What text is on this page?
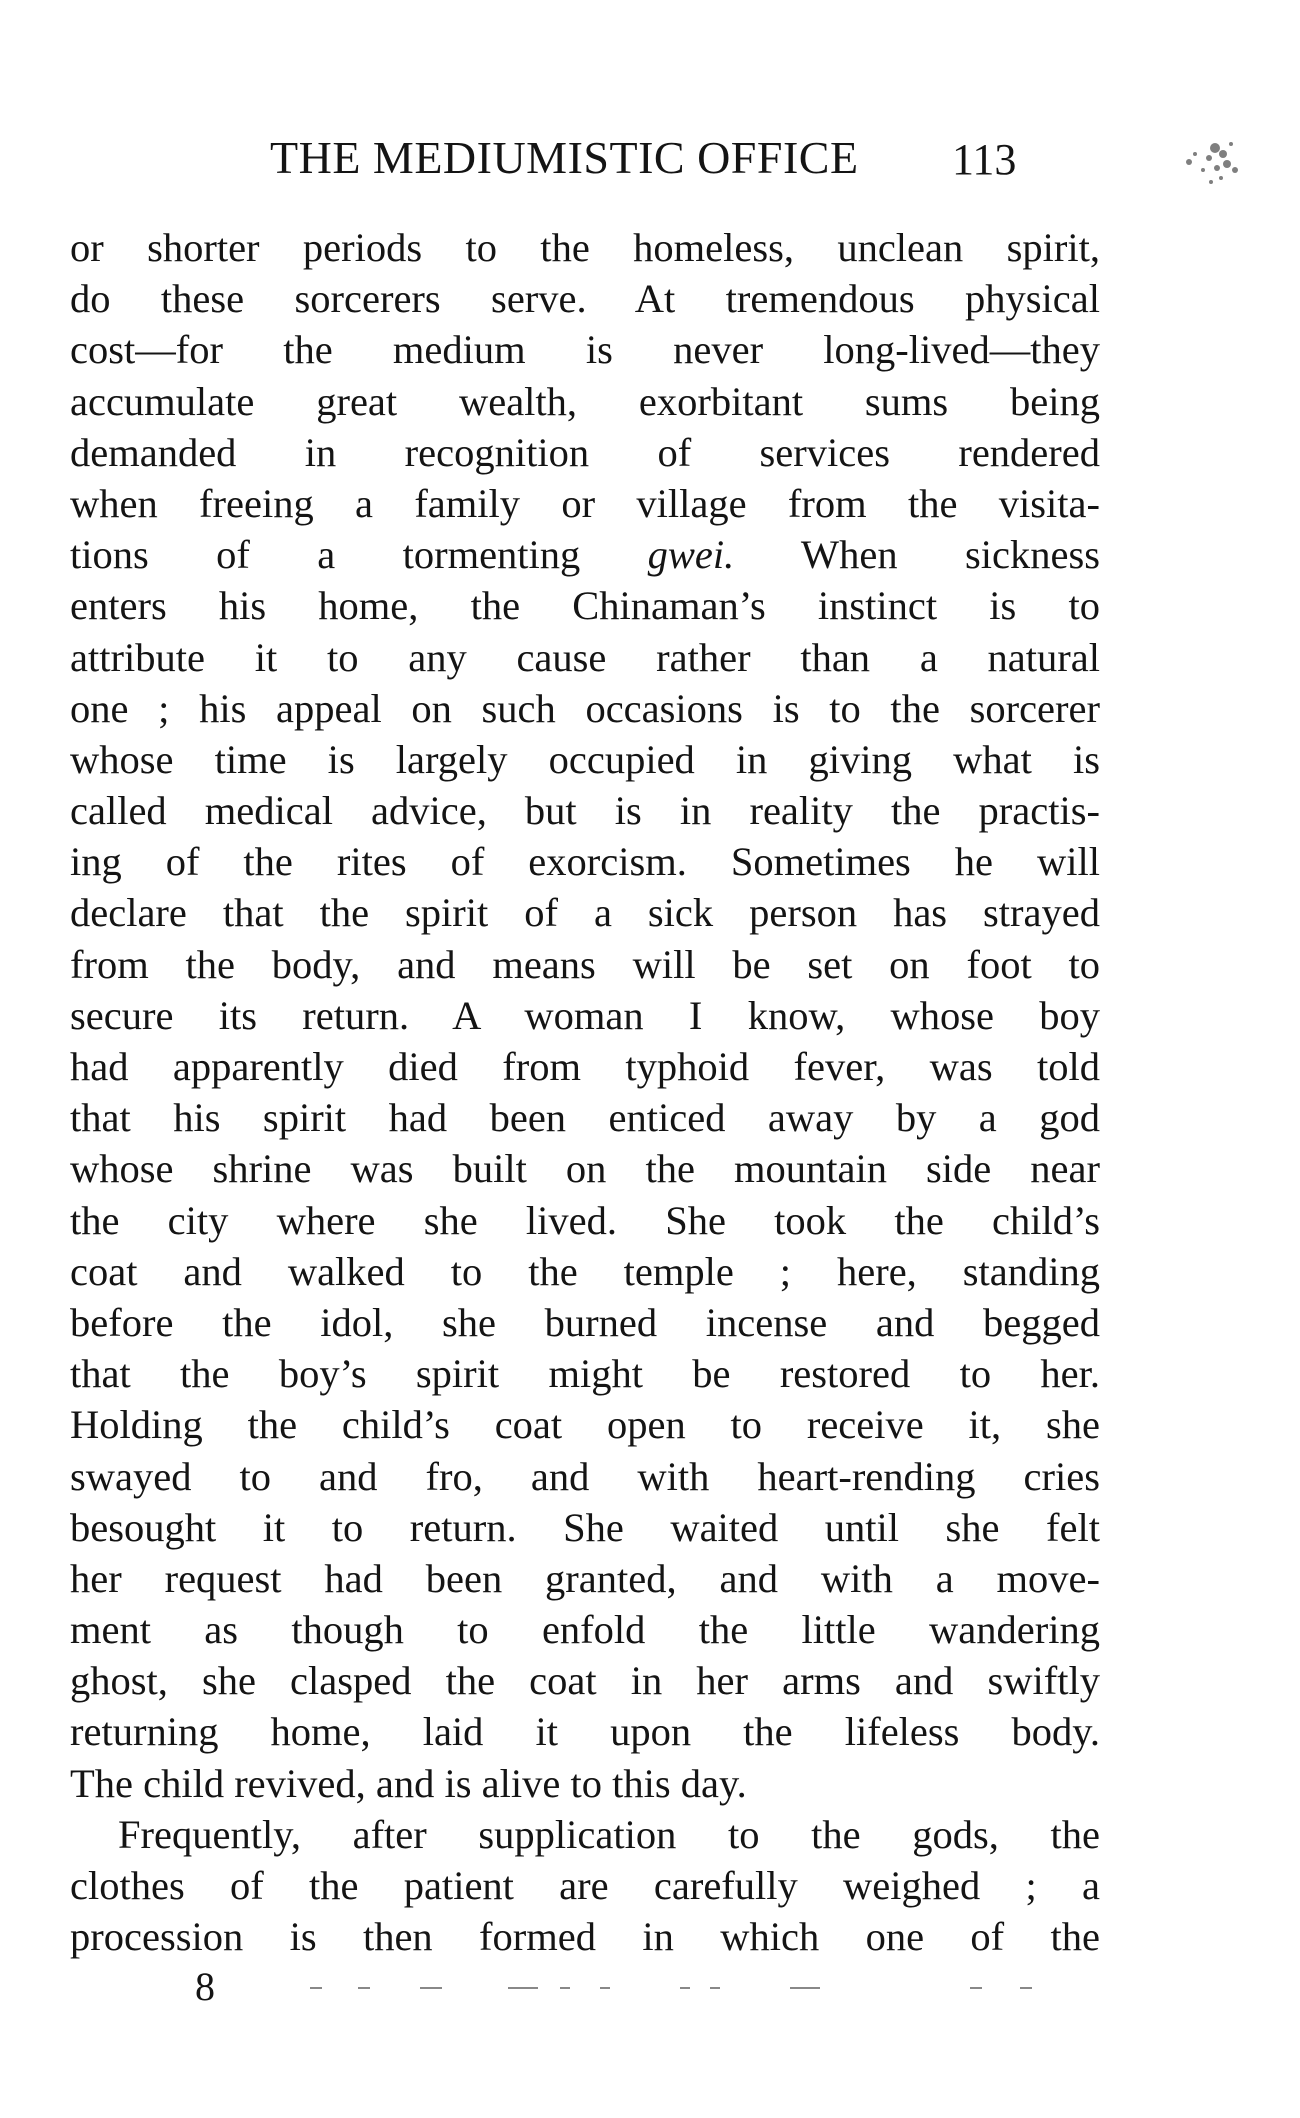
THE MEDIUMISTIC OFFICE 113
or shorter periods to the homeless, unclean spirit,
do these sorcerers serve. At tremendous physical
cost—for the medium is never long-lived—they
accumulate great wealth, exorbitant sums being
demanded in recognition of services rendered
when freeing a family or village from the visita-
tions of a tormenting gwei. When sickness
enters his home, the Chinaman’s instinct is to
attribute it to any cause rather than a natural
one ; his appeal on such occasions is to the sorcerer
whose time is largely occupied in giving what is
called medical advice, but is in reality the practis-
ing of the rites of exorcism. Sometimes he will
declare that the spirit of a sick person has strayed
from the body, and means will be set on foot to
secure its return. A woman I know, whose boy
had apparently died from typhoid fever, was told
that his spirit had been enticed away by a god
whose shrine was built on the mountain side near
the city where she lived. She took the child’s
coat and walked to the temple ; here, standing
before the idol, she burned incense and begged
that the boy’s spirit might be restored to her.
Holding the child’s coat open to receive it, she
swayed to and fro, and with heart-rending cries
besought it to return. She waited until she felt
her request had been granted, and with a move-
ment as though to enfold the little wandering
ghost, she clasped the coat in her arms and swiftly
returning home, laid it upon the lifeless body.
The child revived, and is alive to this day.
Frequently, after supplication to the gods, the
clothes of the patient are carefully weighed ; a
procession is then formed in which one of the
8
